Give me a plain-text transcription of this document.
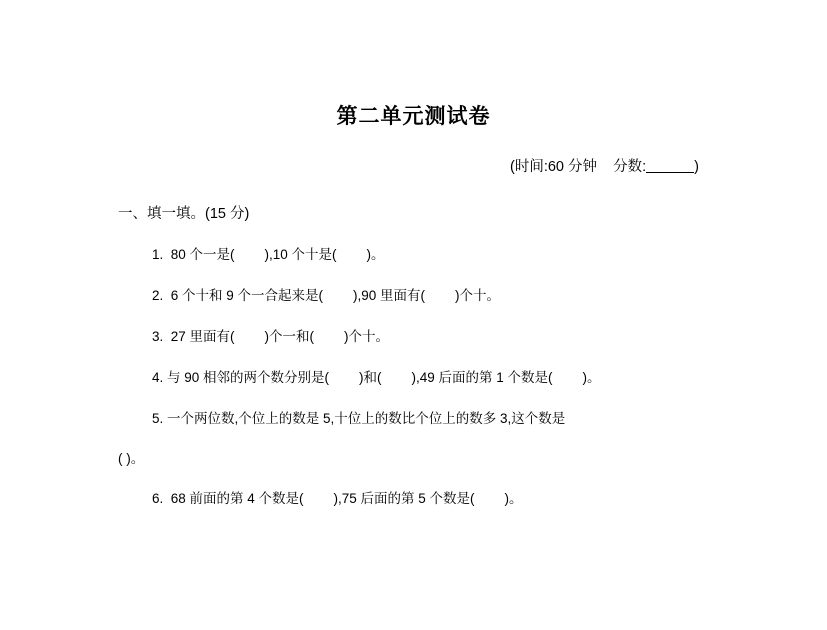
第二单元测试卷
(时间:60 分钟    分数:	)
一、填一填。(15 分)
1.  80 个一是(        ),10 个十是(        )。
2.  6 个十和 9 个一合起来是(        ),90 里面有(        )个十。
3.  27 里面有(        )个一和(        )个十。
4. 与 90 相邻的两个数分别是(        )和(        ),49 后面的第 1 个数是(        )。
5. 一个两位数,个位上的数是 5,十位上的数比个位上的数多 3,这个数是
( )。
6.  68 前面的第 4 个数是(        ),75 后面的第 5 个数是(        )。
